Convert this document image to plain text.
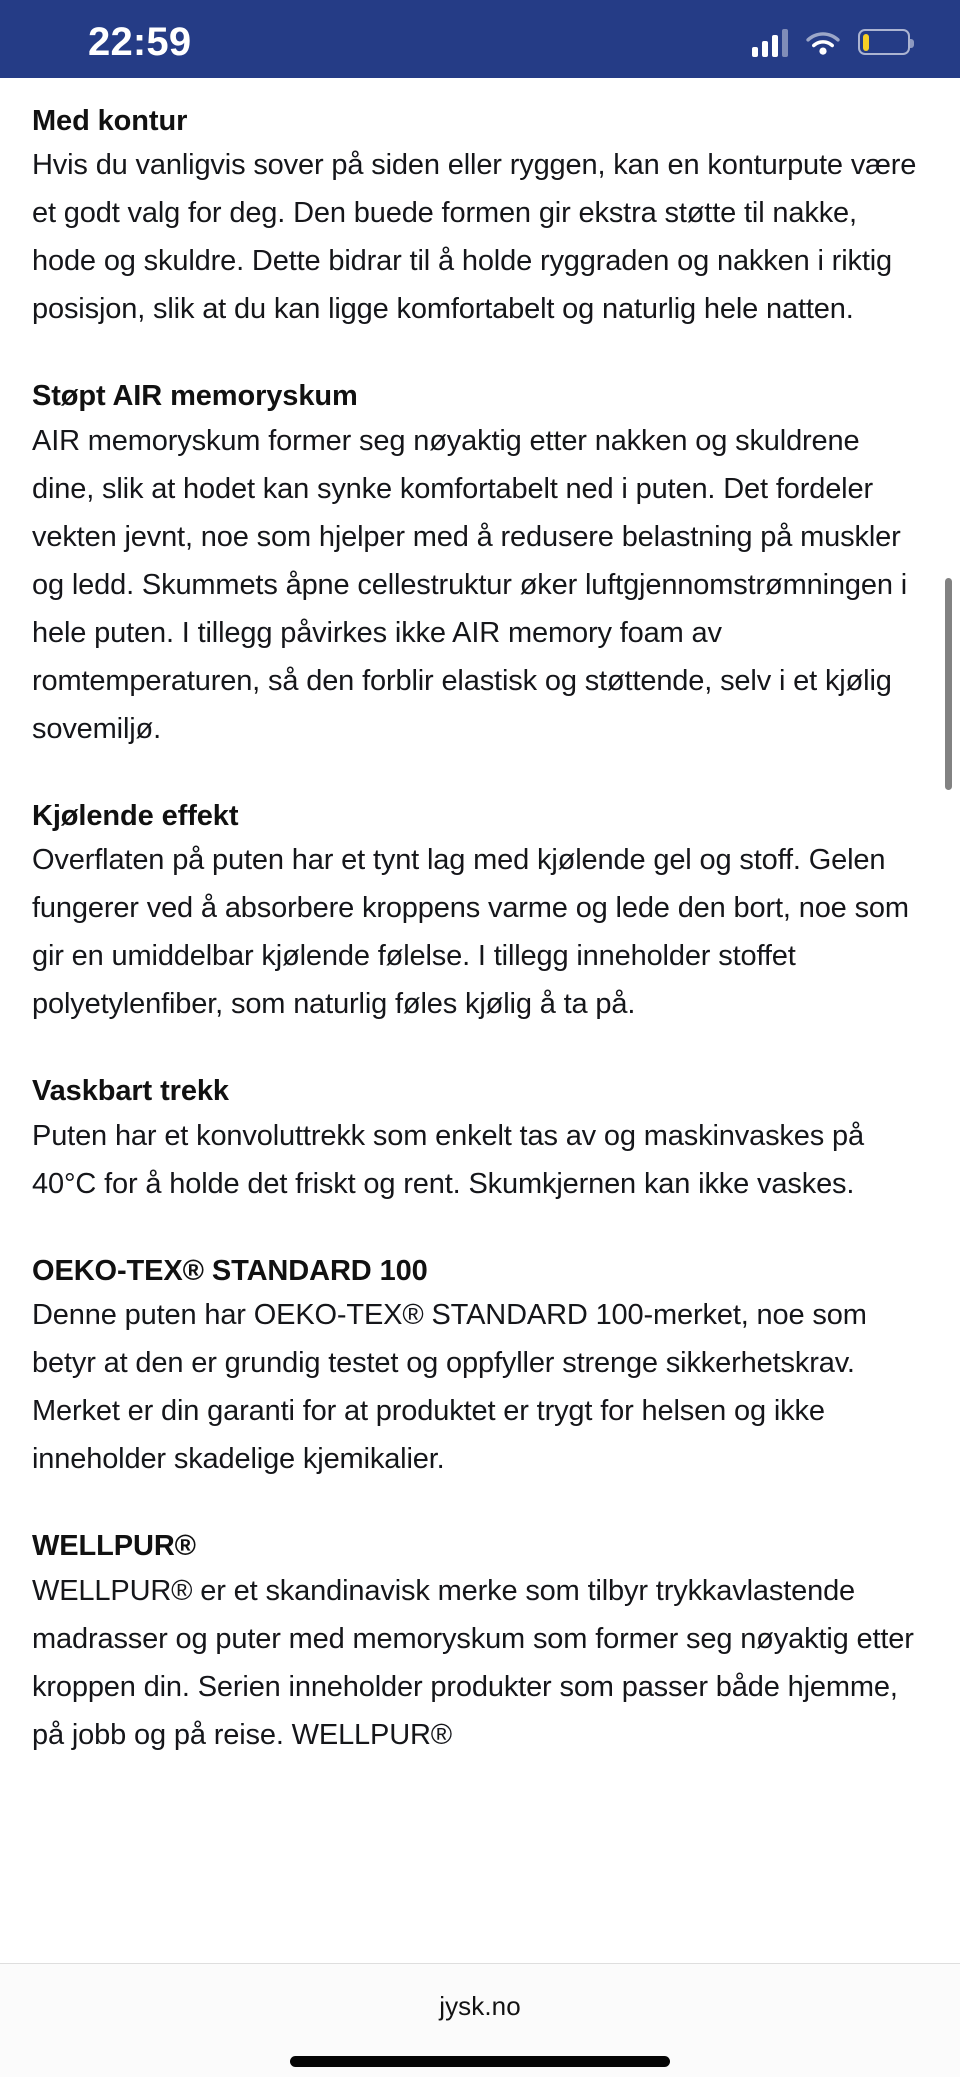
22:59
Med kontur

Hvis du vanligvis sover på siden eller ryggen, kan en konturpute være et godt valg for deg. Den buede formen gir ekstra støtte til nakke, hode og skuldre. Dette bidrar til å holde ryggraden og nakken i riktig posisjon, slik at du kan ligge komfortabelt og naturlig hele natten.

Støpt AIR memoryskum

AIR memoryskum former seg nøyaktig etter nakken og skuldrene dine, slik at hodet kan synke komfortabelt ned i puten. Det fordeler vekten jevnt, noe som hjelper med å redusere belastning på muskler og ledd. Skummets åpne cellestruktur øker luftgjennomstrømningen i hele puten. I tillegg påvirkes ikke AIR memory foam av romtemperaturen, så den forblir elastisk og støttende, selv i et kjølig sovemiljø.

Kjølende effekt

Overflaten på puten har et tynt lag med kjølende gel og stoff. Gelen fungerer ved å absorbere kroppens varme og lede den bort, noe som gir en umiddelbar kjølende følelse. I tillegg inneholder stoffet polyetylenfiber, som naturlig føles kjølig å ta på.

Vaskbart trekk

Puten har et konvoluttrekk som enkelt tas av og maskinvaskes på 40°C for å holde det friskt og rent. Skumkjernen kan ikke vaskes.

OEKO-TEX® STANDARD 100

Denne puten har OEKO-TEX® STANDARD 100-merket, noe som betyr at den er grundig testet og oppfyller strenge sikkerhetskrav. Merket er din garanti for at produktet er trygt for helsen og ikke inneholder skadelige kjemikalier.

WELLPUR®

WELLPUR® er et skandinavisk merke som tilbyr trykkavlastende madrasser og puter med memoryskum som former seg nøyaktig etter kroppen din. Serien inneholder produkter som passer både hjemme, på jobb og på reise. WELLPUR®

jysk.no
